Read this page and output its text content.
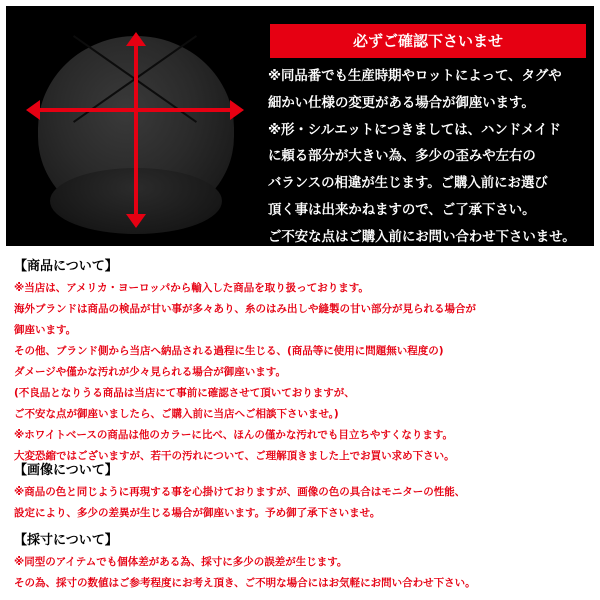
必ずご確認下さいませ
※同品番でも生産時期やロットによって、タグや
細かい仕様の変更がある場合が御座います。
※形・シルエットにつきましては、ハンドメイド
に頼る部分が大きい為、多少の歪みや左右の
バランスの相違が生じます。ご購入前にお選び
頂く事は出来かねますので、ご了承下さい。
ご不安な点はご購入前にお問い合わせ下さいませ。
【商品について】
※当店は、アメリカ・ヨーロッパから輸入した商品を取り扱っております。
海外ブランドは商品の検品が甘い事が多々あり、糸のはみ出しや縫製の甘い部分が見られる場合が
御座います。
その他、ブランド側から当店へ納品される過程に生じる、(商品等に使用に問題無い程度の)
ダメージや僅かな汚れが少々見られる場合が御座います。
(不良品となりうる商品は当店にて事前に確認させて頂いておりますが、
ご不安な点が御座いましたら、ご購入前に当店へご相談下さいませ。)
※ホワイトベースの商品は他のカラーに比べ、ほんの僅かな汚れでも目立ちやすくなります。
大変恐縮ではございますが、若干の汚れについて、ご理解頂きました上でお買い求め下さい。
【画像について】
※商品の色と同じように再現する事を心掛けておりますが、画像の色の具合はモニターの性能、
設定により、多少の差異が生じる場合が御座います。予め御了承下さいませ。
【採寸について】
※同型のアイテムでも個体差がある為、採寸に多少の誤差が生じます。
その為、採寸の数値はご参考程度にお考え頂き、ご不明な場合にはお気軽にお問い合わせ下さい。
